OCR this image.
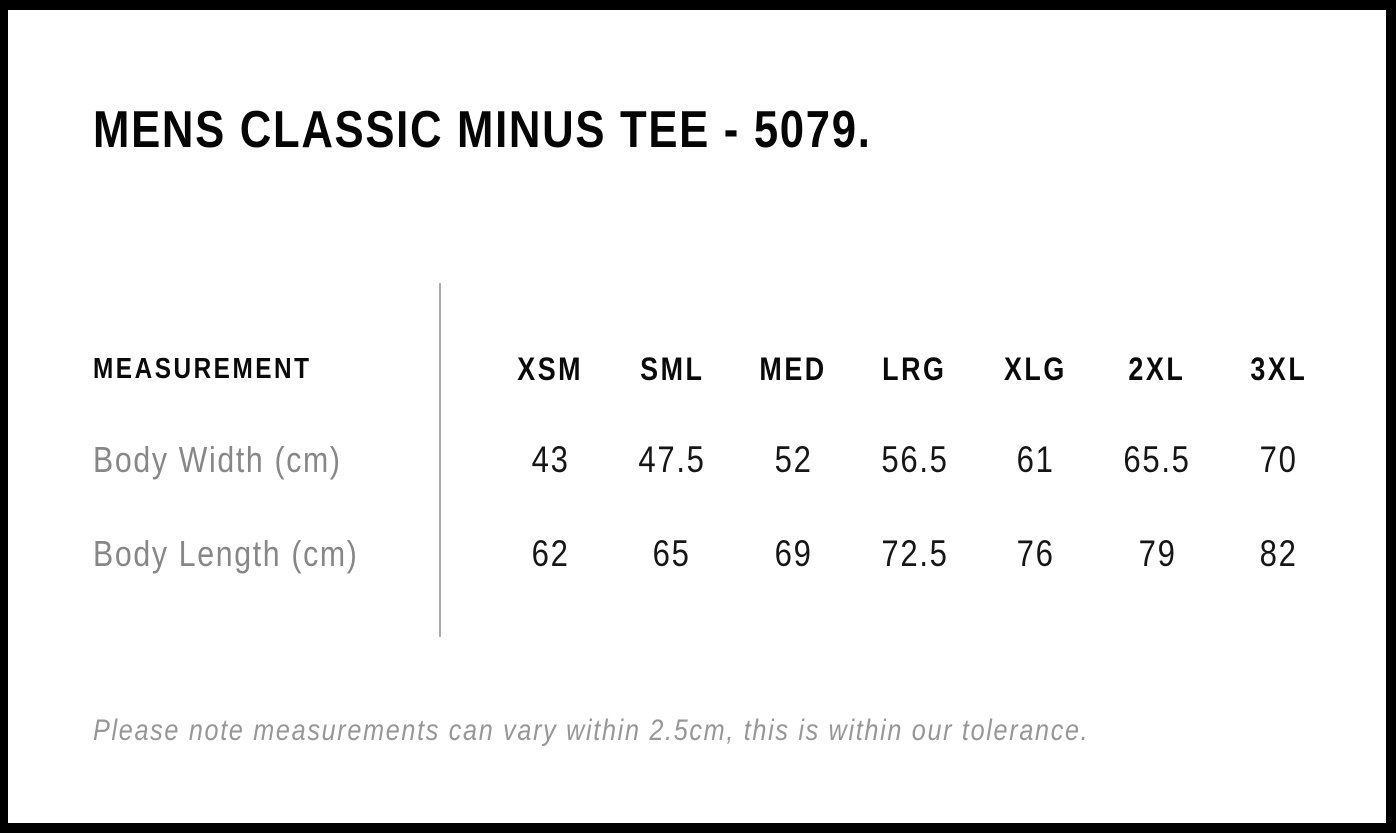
MENS CLASSIC MINUS TEE - 5079.
MEASUREMENT	XSM	SML	MED	LRG	XLG	2XL	3XL
Body Width (cm)	43	47.5	52	56.5	61	65.5	70
Body Length (cm)	62	65	69	72.5	76	79	82
Please note measurements can vary within 2.5cm, this is within our tolerance.
